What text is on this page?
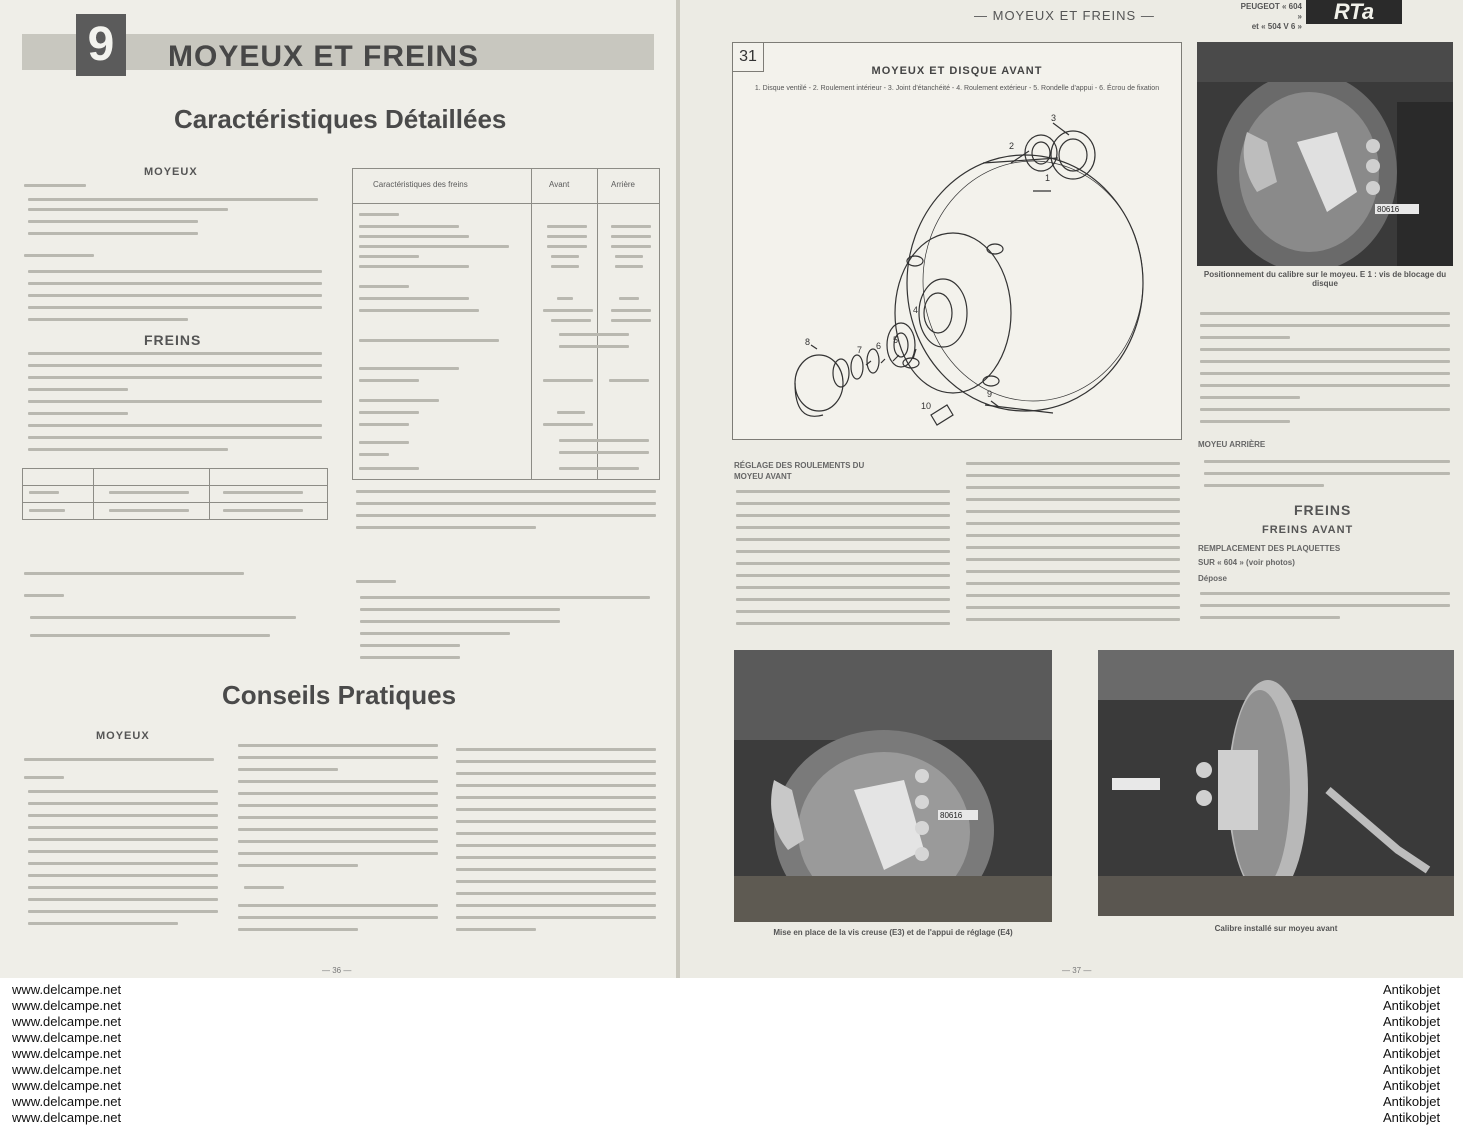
9	MOYEUX ET FREINS
Caractéristiques Détaillées
MOYEUX
FREINS
Caractéristiques des freins	Avant	Arrière
Conseils Pratiques
MOYEUX
— 36 —
— MOYEUX ET FREINS —
PEUGEOT « 604 »
et « 504 V 6 »
RTa
31
MOYEUX ET DISQUE AVANT
1. Disque ventilé - 2. Roulement intérieur - 3. Joint d'étanchéité - 4. Roulement extérieur - 5. Rondelle d'appui - 6. Écrou de fixation
3
2
1
4
5
6
7
8
9
10
80616
Positionnement du calibre sur le moyeu. E 1 : vis de blocage du disque
MOYEU ARRIÈRE
FREINS
FREINS AVANT
REMPLACEMENT DES PLAQUETTES
SUR « 604 » (voir photos)
Dépose
RÉGLAGE DES ROULEMENTS DU MOYEU AVANT
80616
Mise en place de la vis creuse (E3) et de l'appui de réglage (E4)	Calibre installé sur moyeu avant
— 37 —
www.delcampe.net
www.delcampe.net
www.delcampe.net
www.delcampe.net
www.delcampe.net
www.delcampe.net
www.delcampe.net
www.delcampe.net
www.delcampe.net
Antikobjet
Antikobjet
Antikobjet
Antikobjet
Antikobjet
Antikobjet
Antikobjet
Antikobjet
Antikobjet
